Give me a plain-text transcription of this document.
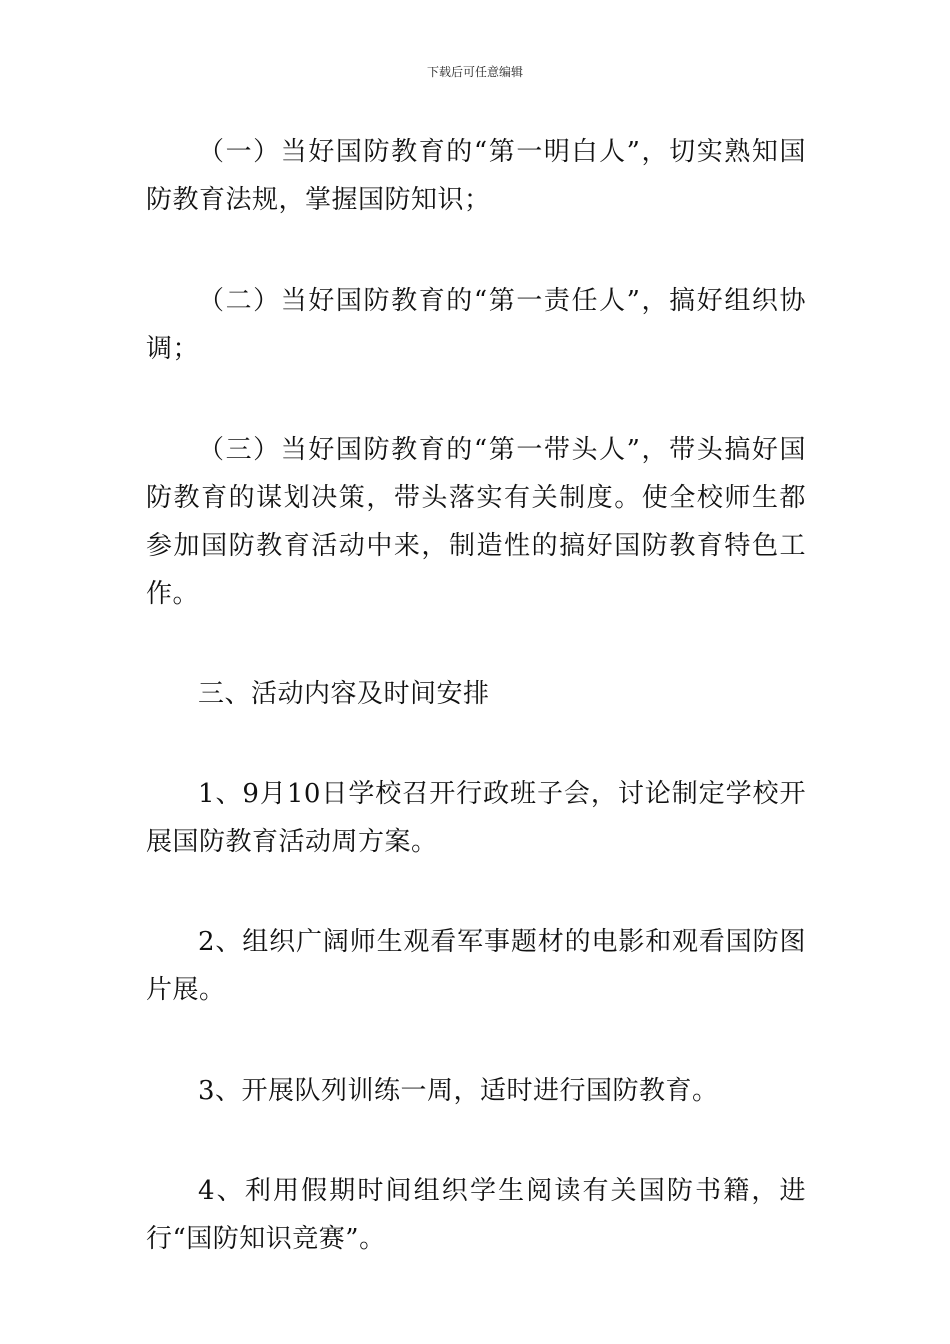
下载后可任意编辑

（一）当好国防教育的“第一明白人”，切实熟知国防教育法规，掌握国防知识；

（二）当好国防教育的“第一责任人”，搞好组织协调；

（三）当好国防教育的“第一带头人”，带头搞好国防教育的谋划决策，带头落实有关制度。使全校师生都参加国防教育活动中来，制造性的搞好国防教育特色工作。

三、活动内容及时间安排

1、9月10日学校召开行政班子会，讨论制定学校开展国防教育活动周方案。

2、组织广阔师生观看军事题材的电影和观看国防图片展。

3、开展队列训练一周，适时进行国防教育。

4、利用假期时间组织学生阅读有关国防书籍，进行“国防知识竞赛”。
